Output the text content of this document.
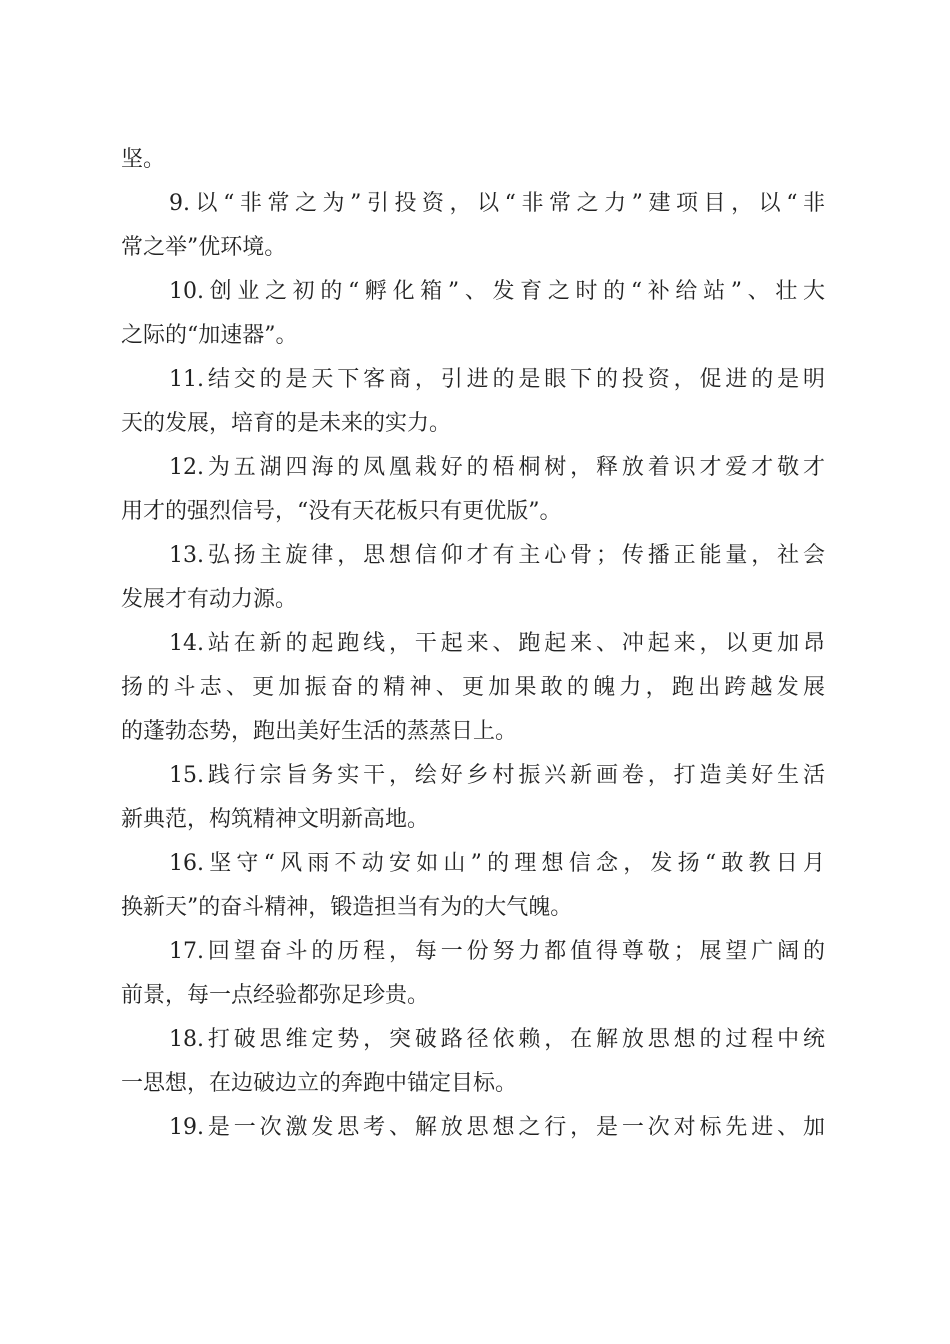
坚。
9.以“非常之为”引投资，以“非常之力”建项目，以“非
常之举”优环境。
10.创业之初的“孵化箱”、发育之时的“补给站”、壮大
之际的“加速器”。
11.结交的是天下客商，引进的是眼下的投资，促进的是明
天的发展，培育的是未来的实力。
12.为五湖四海的凤凰栽好的梧桐树，释放着识才爱才敬才
用才的强烈信号，“没有天花板只有更优版”。
13.弘扬主旋律，思想信仰才有主心骨；传播正能量，社会
发展才有动力源。
14.站在新的起跑线，干起来、跑起来、冲起来，以更加昂
扬的斗志、更加振奋的精神、更加果敢的魄力，跑出跨越发展
的蓬勃态势，跑出美好生活的蒸蒸日上。
15.践行宗旨务实干，绘好乡村振兴新画卷，打造美好生活
新典范，构筑精神文明新高地。
16.坚守“风雨不动安如山”的理想信念，发扬“敢教日月
换新天”的奋斗精神，锻造担当有为的大气魄。
17.回望奋斗的历程，每一份努力都值得尊敬；展望广阔的
前景，每一点经验都弥足珍贵。
18.打破思维定势，突破路径依赖，在解放思想的过程中统
一思想，在边破边立的奔跑中锚定目标。
19.是一次激发思考、解放思想之行，是一次对标先进、加
